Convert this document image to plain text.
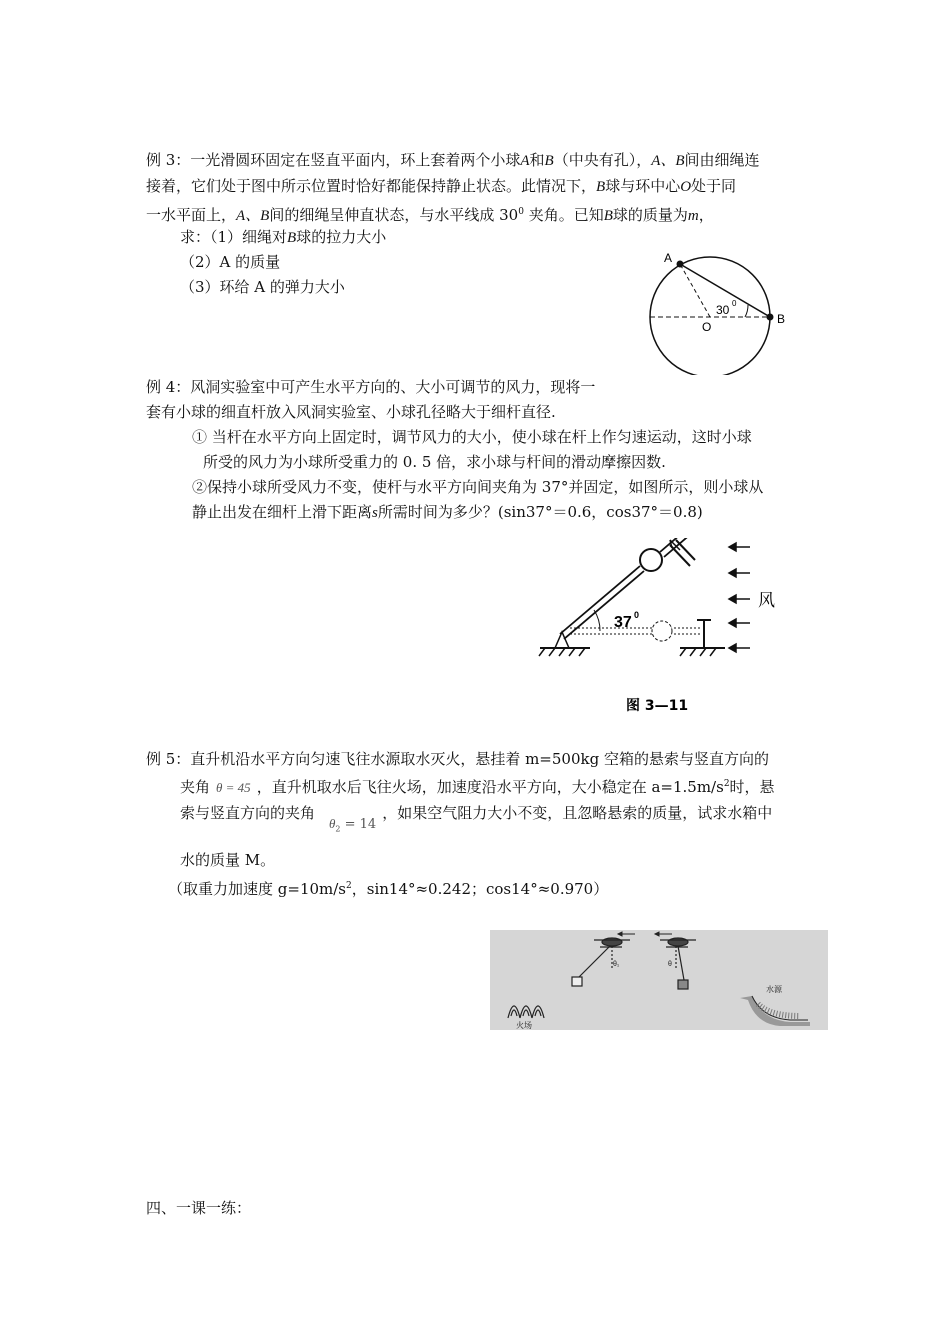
例 3：一光滑圆环固定在竖直平面内，环上套着两个小球A和B（中央有孔），A、B间由细绳连
接着，它们处于图中所示位置时恰好都能保持静止状态。此情况下，B球与环中心O处于同
一水平面上，A、B间的细绳呈伸直状态，与水平线成 $30^0$ 夹角。已知B球的质量为m，
求：（1）细绳对B球的拉力大小
（2）A 的质量
（3）环给 A 的弹力大小
A
B
O
30 0
例 4：风洞实验室中可产生水平方向的、大小可调节的风力，现将一
套有小球的细直杆放入风洞实验室、小球孔径略大于细杆直径.
① 当杆在水平方向上固定时，调节风力的大小，使小球在杆上作匀速运动，这时小球
所受的风力为小球所受重力的 0. 5 倍，求小球与杆间的滑动摩擦因数.
②保持小球所受风力不变，使杆与水平方向间夹角为 37°并固定，如图所示，则小球从
静止出发在细杆上滑下距离s所需时间为多少？(sin37°＝0.6，cos37°＝0.8)
37 0
风
图 3—11
例 5：直升机沿水平方向匀速飞往水源取水灭火，悬挂着 m=500kg 空箱的悬索与竖直方向的
夹角 θ = 45 ，直升机取水后飞往火场，加速度沿水平方向，大小稳定在 $a=1.5m/s^2$时，悬
索与竖直方向的夹角$\theta_2 = 14$，如果空气阻力大小不变，且忽略悬索的质量，试求水箱中
水的质量 M。
（取重力加速度 $g=10m/s^2$，sin14°≈0.242；cos14°≈0.970）
θ₁	θ
火场
水源
四、一课一练：
